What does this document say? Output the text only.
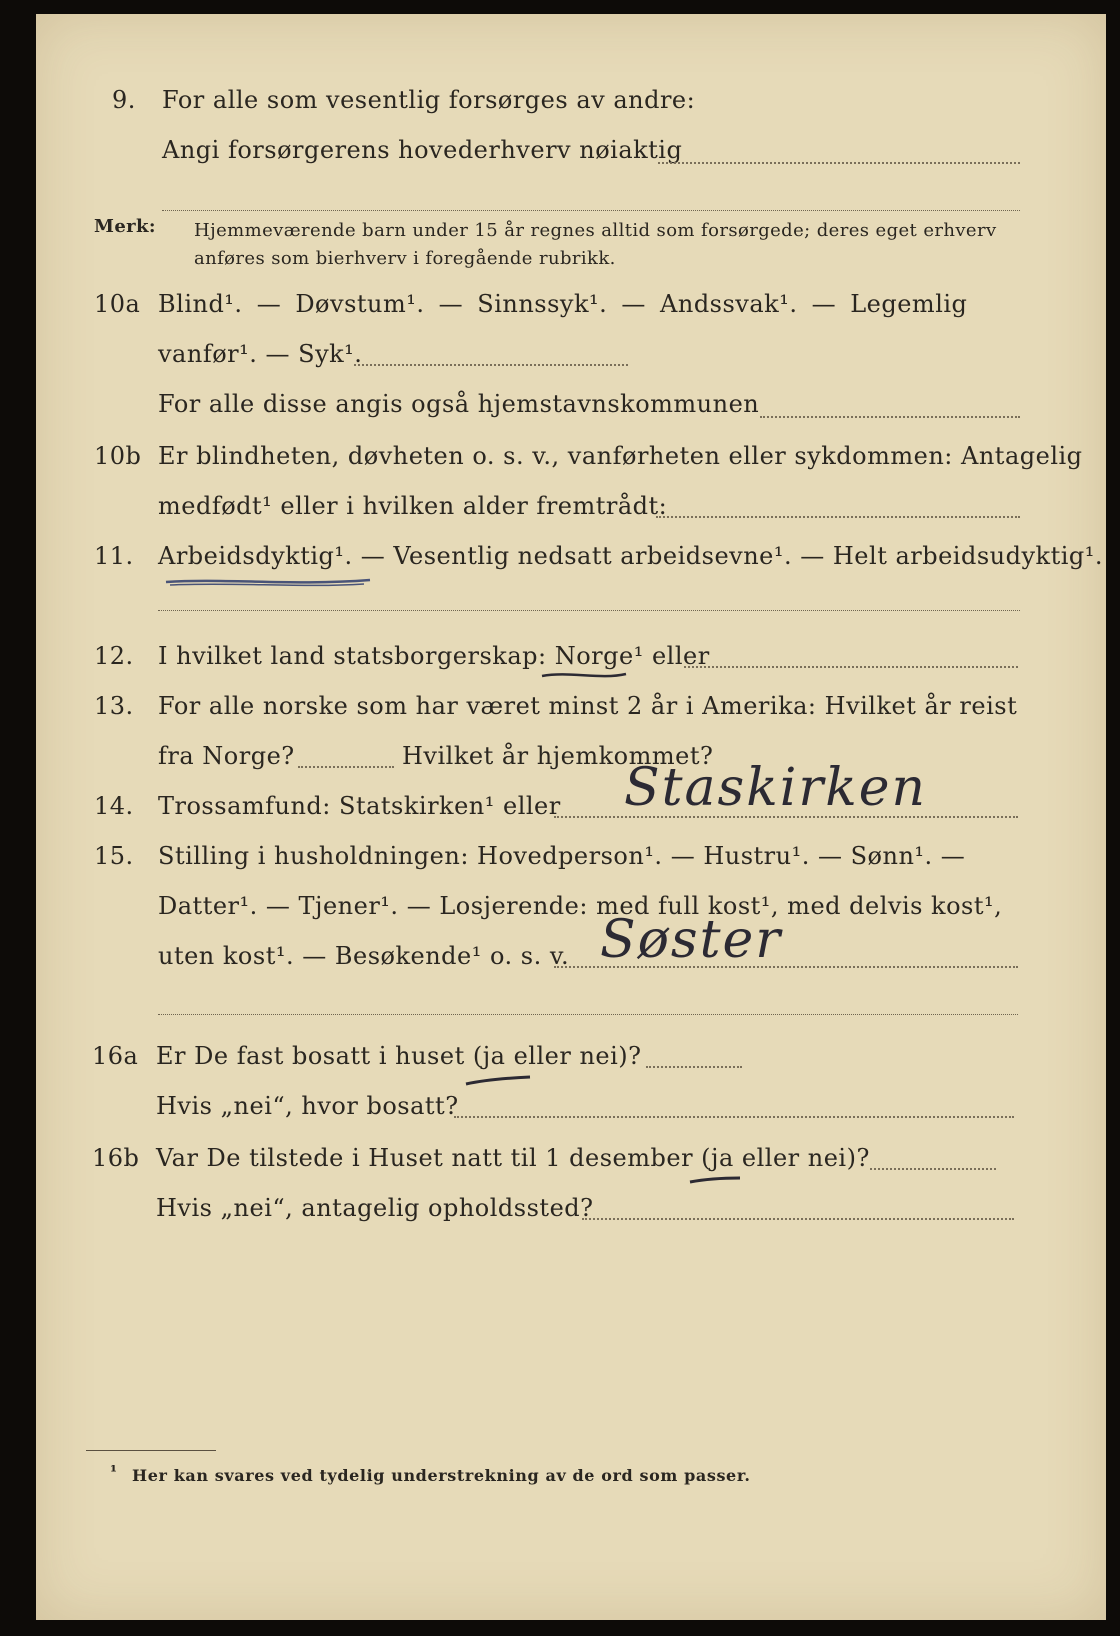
9. For alle som vesentlig forsørges av andre:
Angi forsørgerens hovederhverv nøiaktig
Merk: Hjemmeværende barn under 15 år regnes alltid som forsørgede; deres eget erhverv
anføres som bierhverv i foregående rubrikk.
10a Blind¹. — Døvstum¹. — Sinnssyk¹. — Andssvak¹. — Legemlig
vanfør¹. — Syk¹.
For alle disse angis også hjemstavnskommunen
10b Er blindheten, døvheten o. s. v., vanførheten eller sykdommen: Antagelig
medfødt¹ eller i hvilken alder fremtrådt:
11. Arbeidsdyktig¹. — Vesentlig nedsatt arbeidsevne¹. — Helt arbeidsudyktig¹.
12. I hvilket land statsborgerskap: Norge¹ eller
13. For alle norske som har været minst 2 år i Amerika: Hvilket år reist
fra Norge?	Hvilket år hjemkommet?
14. Trossamfund: Statskirken¹ eller Staskirken
15. Stilling i husholdningen: Hovedperson¹. — Hustru¹. — Sønn¹. —
Datter¹. — Tjener¹. — Losjerende: med full kost¹, med delvis kost¹,
uten kost¹. — Besøkende¹ o. s. v. Søster
16a Er De fast bosatt i huset (ja eller nei)?
Hvis „nei“, hvor bosatt?
16b Var De tilstede i Huset natt til 1 desember (ja eller nei)?
Hvis „nei“, antagelig opholdssted?
¹ Her kan svares ved tydelig understrekning av de ord som passer.
